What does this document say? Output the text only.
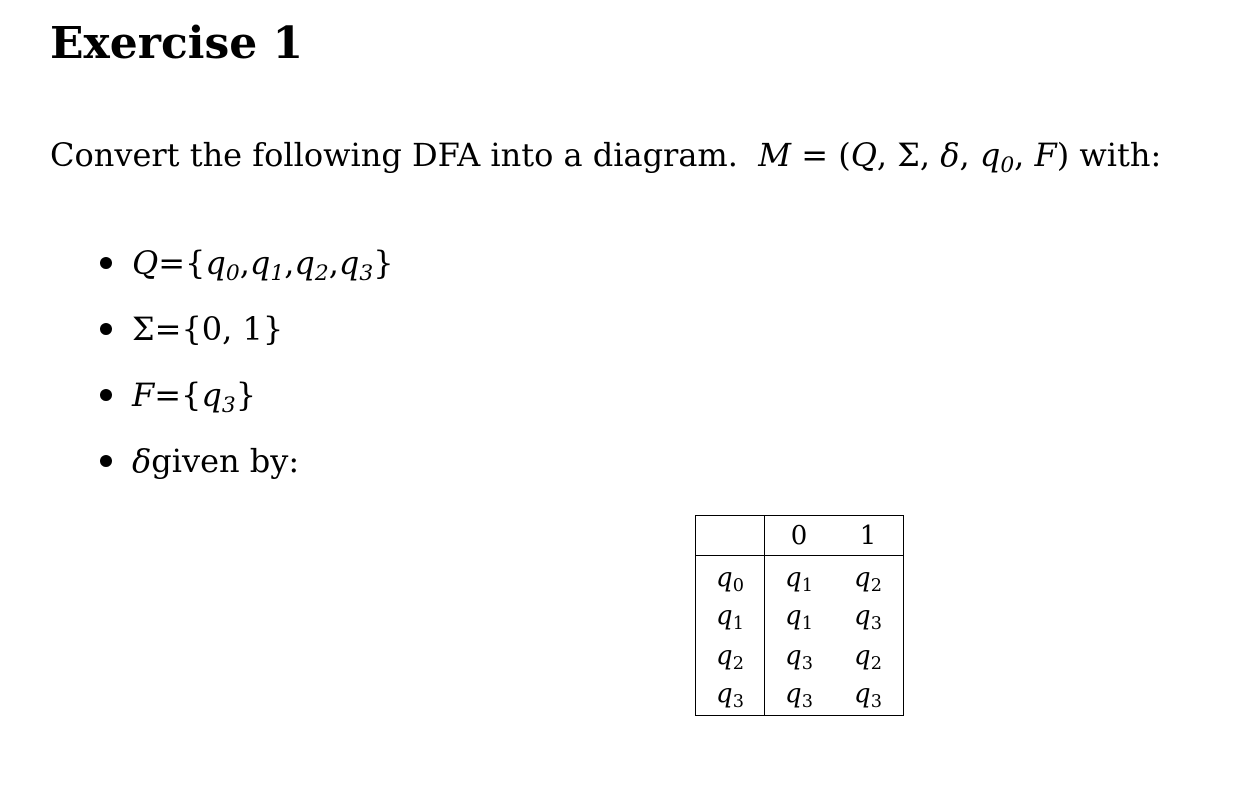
Exercise 1

Convert the following DFA into a diagram. M = (Q, Σ, δ, $q_0$, F) with:

Q = { $q_0$ , $q_1$ , $q_2$ , $q_3$ }
Σ = {0, 1}
F = { $q_3$ }
δ given by:
	0	1
$q_0$	$q_1$	$q_2$
$q_1$	$q_1$	$q_3$
$q_2$	$q_3$	$q_2$
$q_3$	$q_3$	$q_3$
